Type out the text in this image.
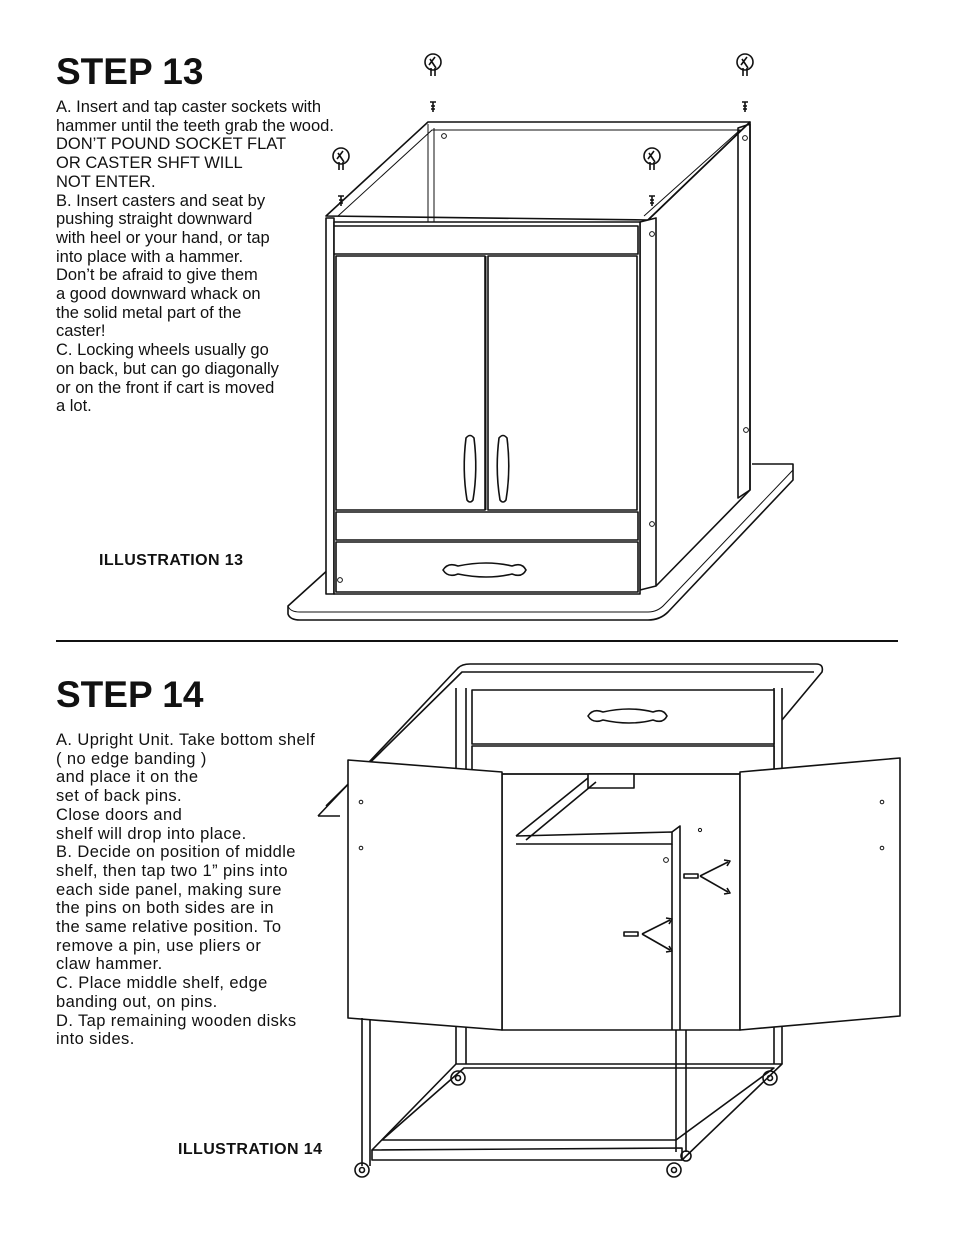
STEP 13
A. Insert and tap caster sockets with
hammer until the teeth grab the wood.
DON’T POUND SOCKET FLAT
OR CASTER SHFT WILL
NOT ENTER.
B. Insert casters and seat by
pushing straight downward
with heel or your hand, or tap
into place with a hammer.
Don’t be afraid to give them
a good downward whack on
the solid metal part of the
caster!
C. Locking wheels usually go
on back, but can go diagonally
or on the front if cart is moved
a lot.

ILLUSTRATION 13

STEP 14
A. Upright Unit. Take bottom shelf
( no edge banding )
and place it on the
set of back pins.
Close doors and
shelf will drop into place.
B. Decide on position of middle
shelf, then tap two 1” pins into
each side panel, making sure
the pins on both sides are in
the same relative position. To
remove a pin, use pliers or
claw hammer.
C. Place middle shelf, edge
banding out, on pins.
D. Tap remaining wooden disks
into sides.

ILLUSTRATION 14
